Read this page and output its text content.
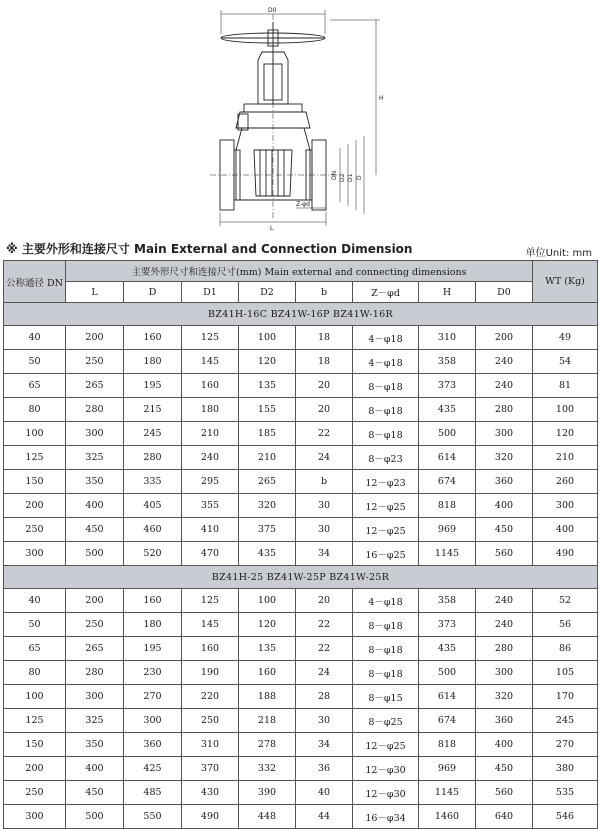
D0
H
DN D2 D1 D
L
Z-φd
※ 主要外形和连接尺寸 Main External and Connection Dimension	单位Unit: mm
公称通径 DN	主要外形尺寸和连接尺寸(mm) Main external and connecting dimensions								WT (Kg)
	L	D	D1	D2	b	Z－φd	H	D0	
BZ41H-16C BZ41W-16P BZ41W-16R									
40	200	160	125	100	18	4－φ18	310	200	49
50	250	180	145	120	18	4－φ18	358	240	54
65	265	195	160	135	20	8－φ18	373	240	81
80	280	215	180	155	20	8－φ18	435	280	100
100	300	245	210	185	22	8－φ18	500	300	120
125	325	280	240	210	24	8－φ23	614	320	210
150	350	335	295	265	b	12－φ23	674	360	260
200	400	405	355	320	30	12－φ25	818	400	300
250	450	460	410	375	30	12－φ25	969	450	400
300	500	520	470	435	34	16－φ25	1145	560	490
BZ41H-25 BZ41W-25P BZ41W-25R									
40	200	160	125	100	20	4－φ18	358	240	52
50	250	180	145	120	22	8－φ18	373	240	56
65	265	195	160	135	22	8－φ18	435	280	86
80	280	230	190	160	24	8－φ18	500	300	105
100	300	270	220	188	28	8－φ15	614	320	170
125	325	300	250	218	30	8－φ25	674	360	245
150	350	360	310	278	34	12－φ25	818	400	270
200	400	425	370	332	36	12－φ30	969	450	380
250	450	485	430	390	40	12－φ30	1145	560	535
300	500	550	490	448	44	16－φ34	1460	640	546
